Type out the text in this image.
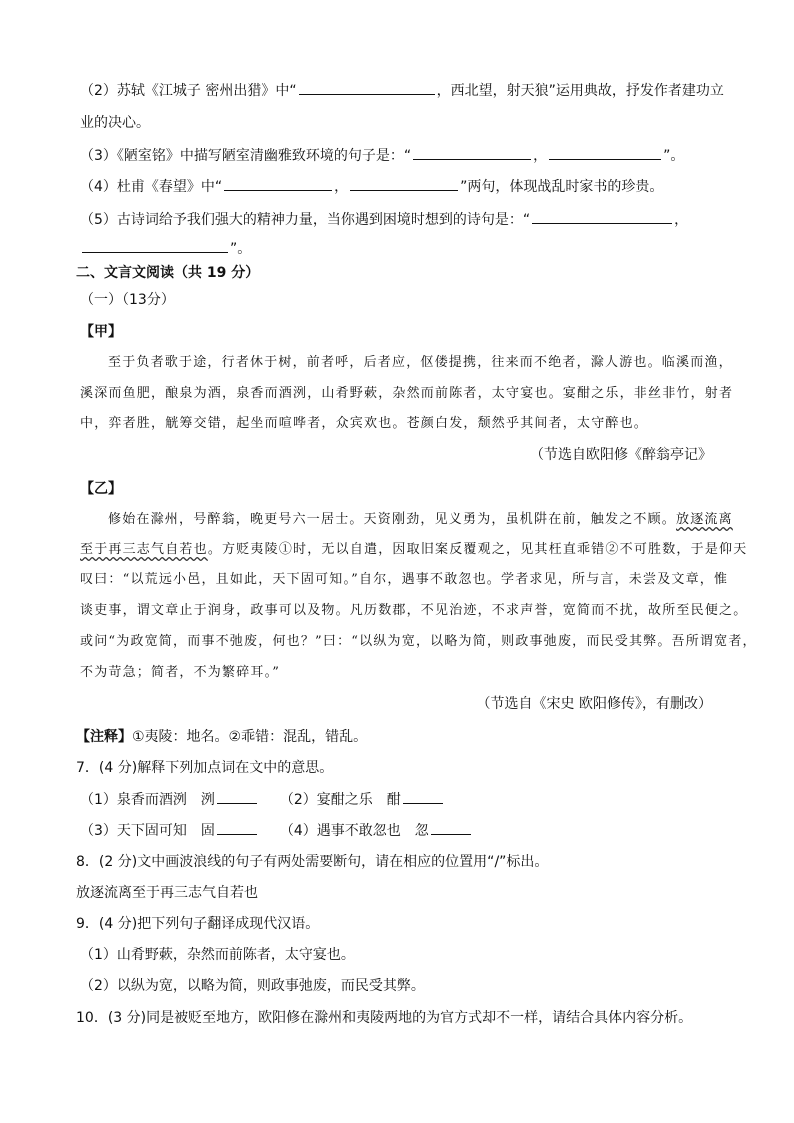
（2）苏轼《江城子 密州出猎》中“	，西北望，射天狼”运用典故，抒发作者建功立
业的决心。
（3）《陋室铭》中描写陋室清幽雅致环境的句子是：“	，	”。
（4）杜甫《春望》中“	，	”两句，体现战乱时家书的珍贵。
（5）古诗词给予我们强大的精神力量，当你遇到困境时想到的诗句是：“	，
”。
二、文言文阅读（共 19 分）
（一）（13分）
【甲】
至于负者歌于途，行者休于树，前者呼，后者应，伛偻提携，往来而不绝者，滁人游也。临溪而渔，
溪深而鱼肥，酿泉为酒，泉香而酒洌，山肴野蔌，杂然而前陈者，太守宴也。宴酣之乐，非丝非竹，射者
中，弈者胜，觥筹交错，起坐而喧哗者，众宾欢也。苍颜白发，颓然乎其间者，太守醉也。
（节选自欧阳修《醉翁亭记》
【乙】
修始在滁州，号醉翁，晚更号六一居士。天资刚劲，见义勇为，虽机阱在前，触发之不顾。放逐流离
至于再三志气自若也。方贬夷陵①时，无以自遣，因取旧案反覆观之，见其枉直乖错②不可胜数，于是仰天
叹曰：“以荒远小邑，且如此，天下固可知。”自尔，遇事不敢忽也。学者求见，所与言，未尝及文章，惟
谈吏事，谓文章止于润身，政事可以及物。凡历数郡，不见治迹，不求声誉，宽简而不扰，故所至民便之。
或问“为政宽简，而事不弛废，何也？”曰：“以纵为宽，以略为简，则政事弛废，而民受其弊。吾所谓宽者，
不为苛急；简者，不为繁碎耳。”
（节选自《宋史 欧阳修传》，有删改）
【注释】①夷陵：地名。②乖错：混乱，错乱。
7．(4 分)解释下列加点词在文中的意思。
（1）泉香而酒洌　洌	（2）宴酣之乐　酣
（3）天下固可知　固	（4）遇事不敢忽也　忽
8．(2 分)文中画波浪线的句子有两处需要断句，请在相应的位置用“/”标出。
放逐流离至于再三志气自若也
9．(4 分)把下列句子翻译成现代汉语。
（1）山肴野蔌，杂然而前陈者，太守宴也。
（2）以纵为宽，以略为简，则政事弛废，而民受其弊。
10．(3 分)同是被贬至地方，欧阳修在滁州和夷陵两地的为官方式却不一样，请结合具体内容分析。
